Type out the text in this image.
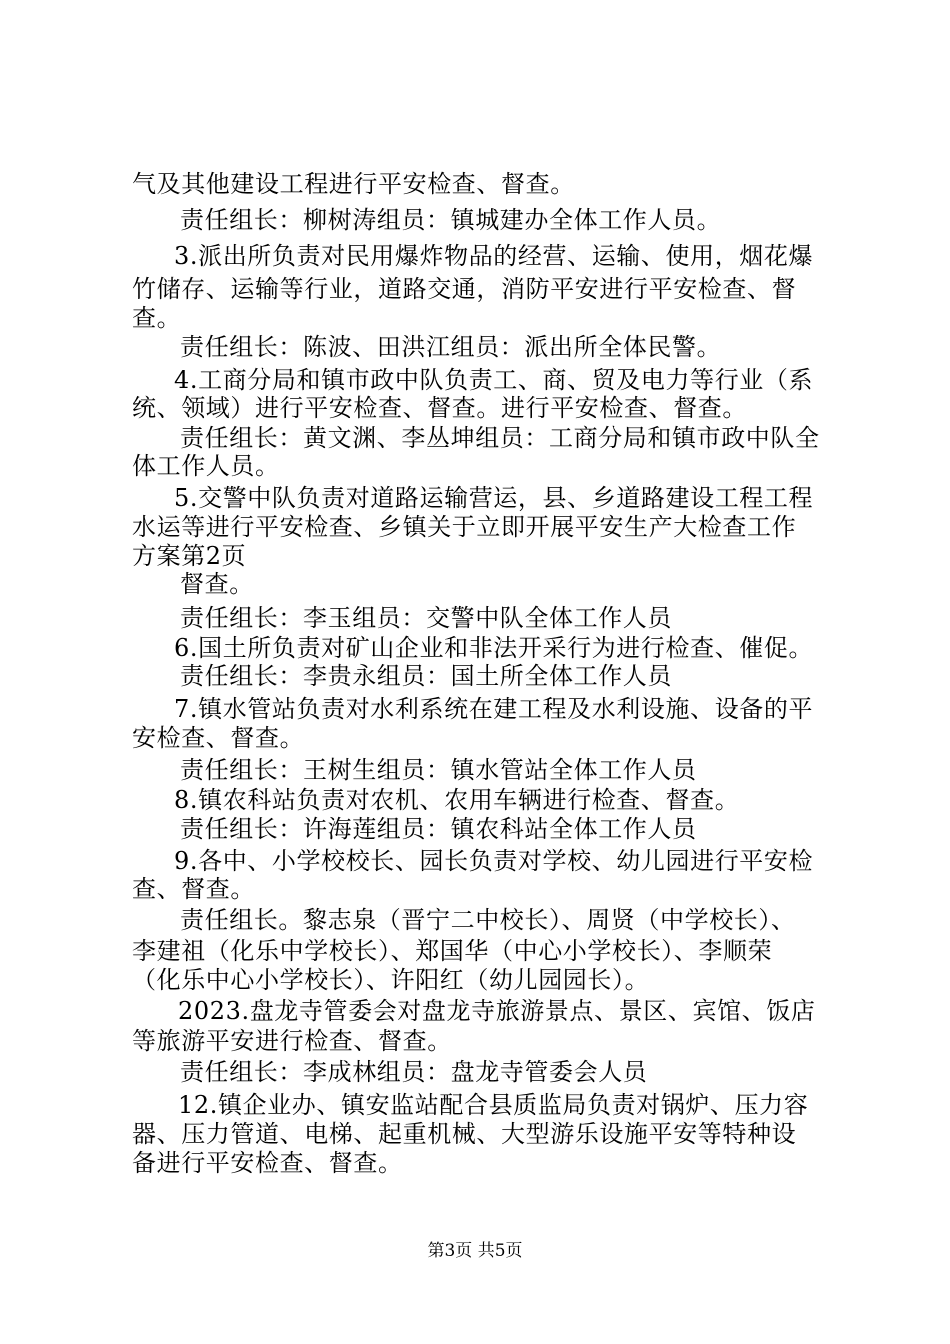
气及其他建设工程进行平安检查、督查。
责任组长：柳树涛组员：镇城建办全体工作人员。
3.派出所负责对民用爆炸物品的经营、运输、使用，烟花爆
竹储存、运输等行业，道路交通，消防平安进行平安检查、督
查。
责任组长：陈波、田洪江组员：派出所全体民警。
4.工商分局和镇市政中队负责工、商、贸及电力等行业（系
统、领域）进行平安检查、督查。进行平安检查、督查。
责任组长：黄文渊、李丛坤组员：工商分局和镇市政中队全
体工作人员。
5.交警中队负责对道路运输营运，县、乡道路建设工程工程
水运等进行平安检查、乡镇关于立即开展平安生产大检查工作
方案第2页
督查。
责任组长：李玉组员：交警中队全体工作人员
6.国土所负责对矿山企业和非法开采行为进行检查、催促。
责任组长：李贵永组员：国土所全体工作人员
7.镇水管站负责对水利系统在建工程及水利设施、设备的平
安检查、督查。
责任组长：王树生组员：镇水管站全体工作人员
8.镇农科站负责对农机、农用车辆进行检查、督查。
责任组长：许海莲组员：镇农科站全体工作人员
9.各中、小学校校长、园长负责对学校、幼儿园进行平安检
查、督查。
责任组长。黎志泉（晋宁二中校长）、周贤（中学校长）、
李建祖（化乐中学校长）、郑国华（中心小学校长）、李顺荣
（化乐中心小学校长）、许阳红（幼儿园园长）。
2023.盘龙寺管委会对盘龙寺旅游景点、景区、宾馆、饭店
等旅游平安进行检查、督查。
责任组长：李成林组员：盘龙寺管委会人员
12.镇企业办、镇安监站配合县质监局负责对锅炉、压力容
器、压力管道、电梯、起重机械、大型游乐设施平安等特种设
备进行平安检查、督查。
第3页 共5页
